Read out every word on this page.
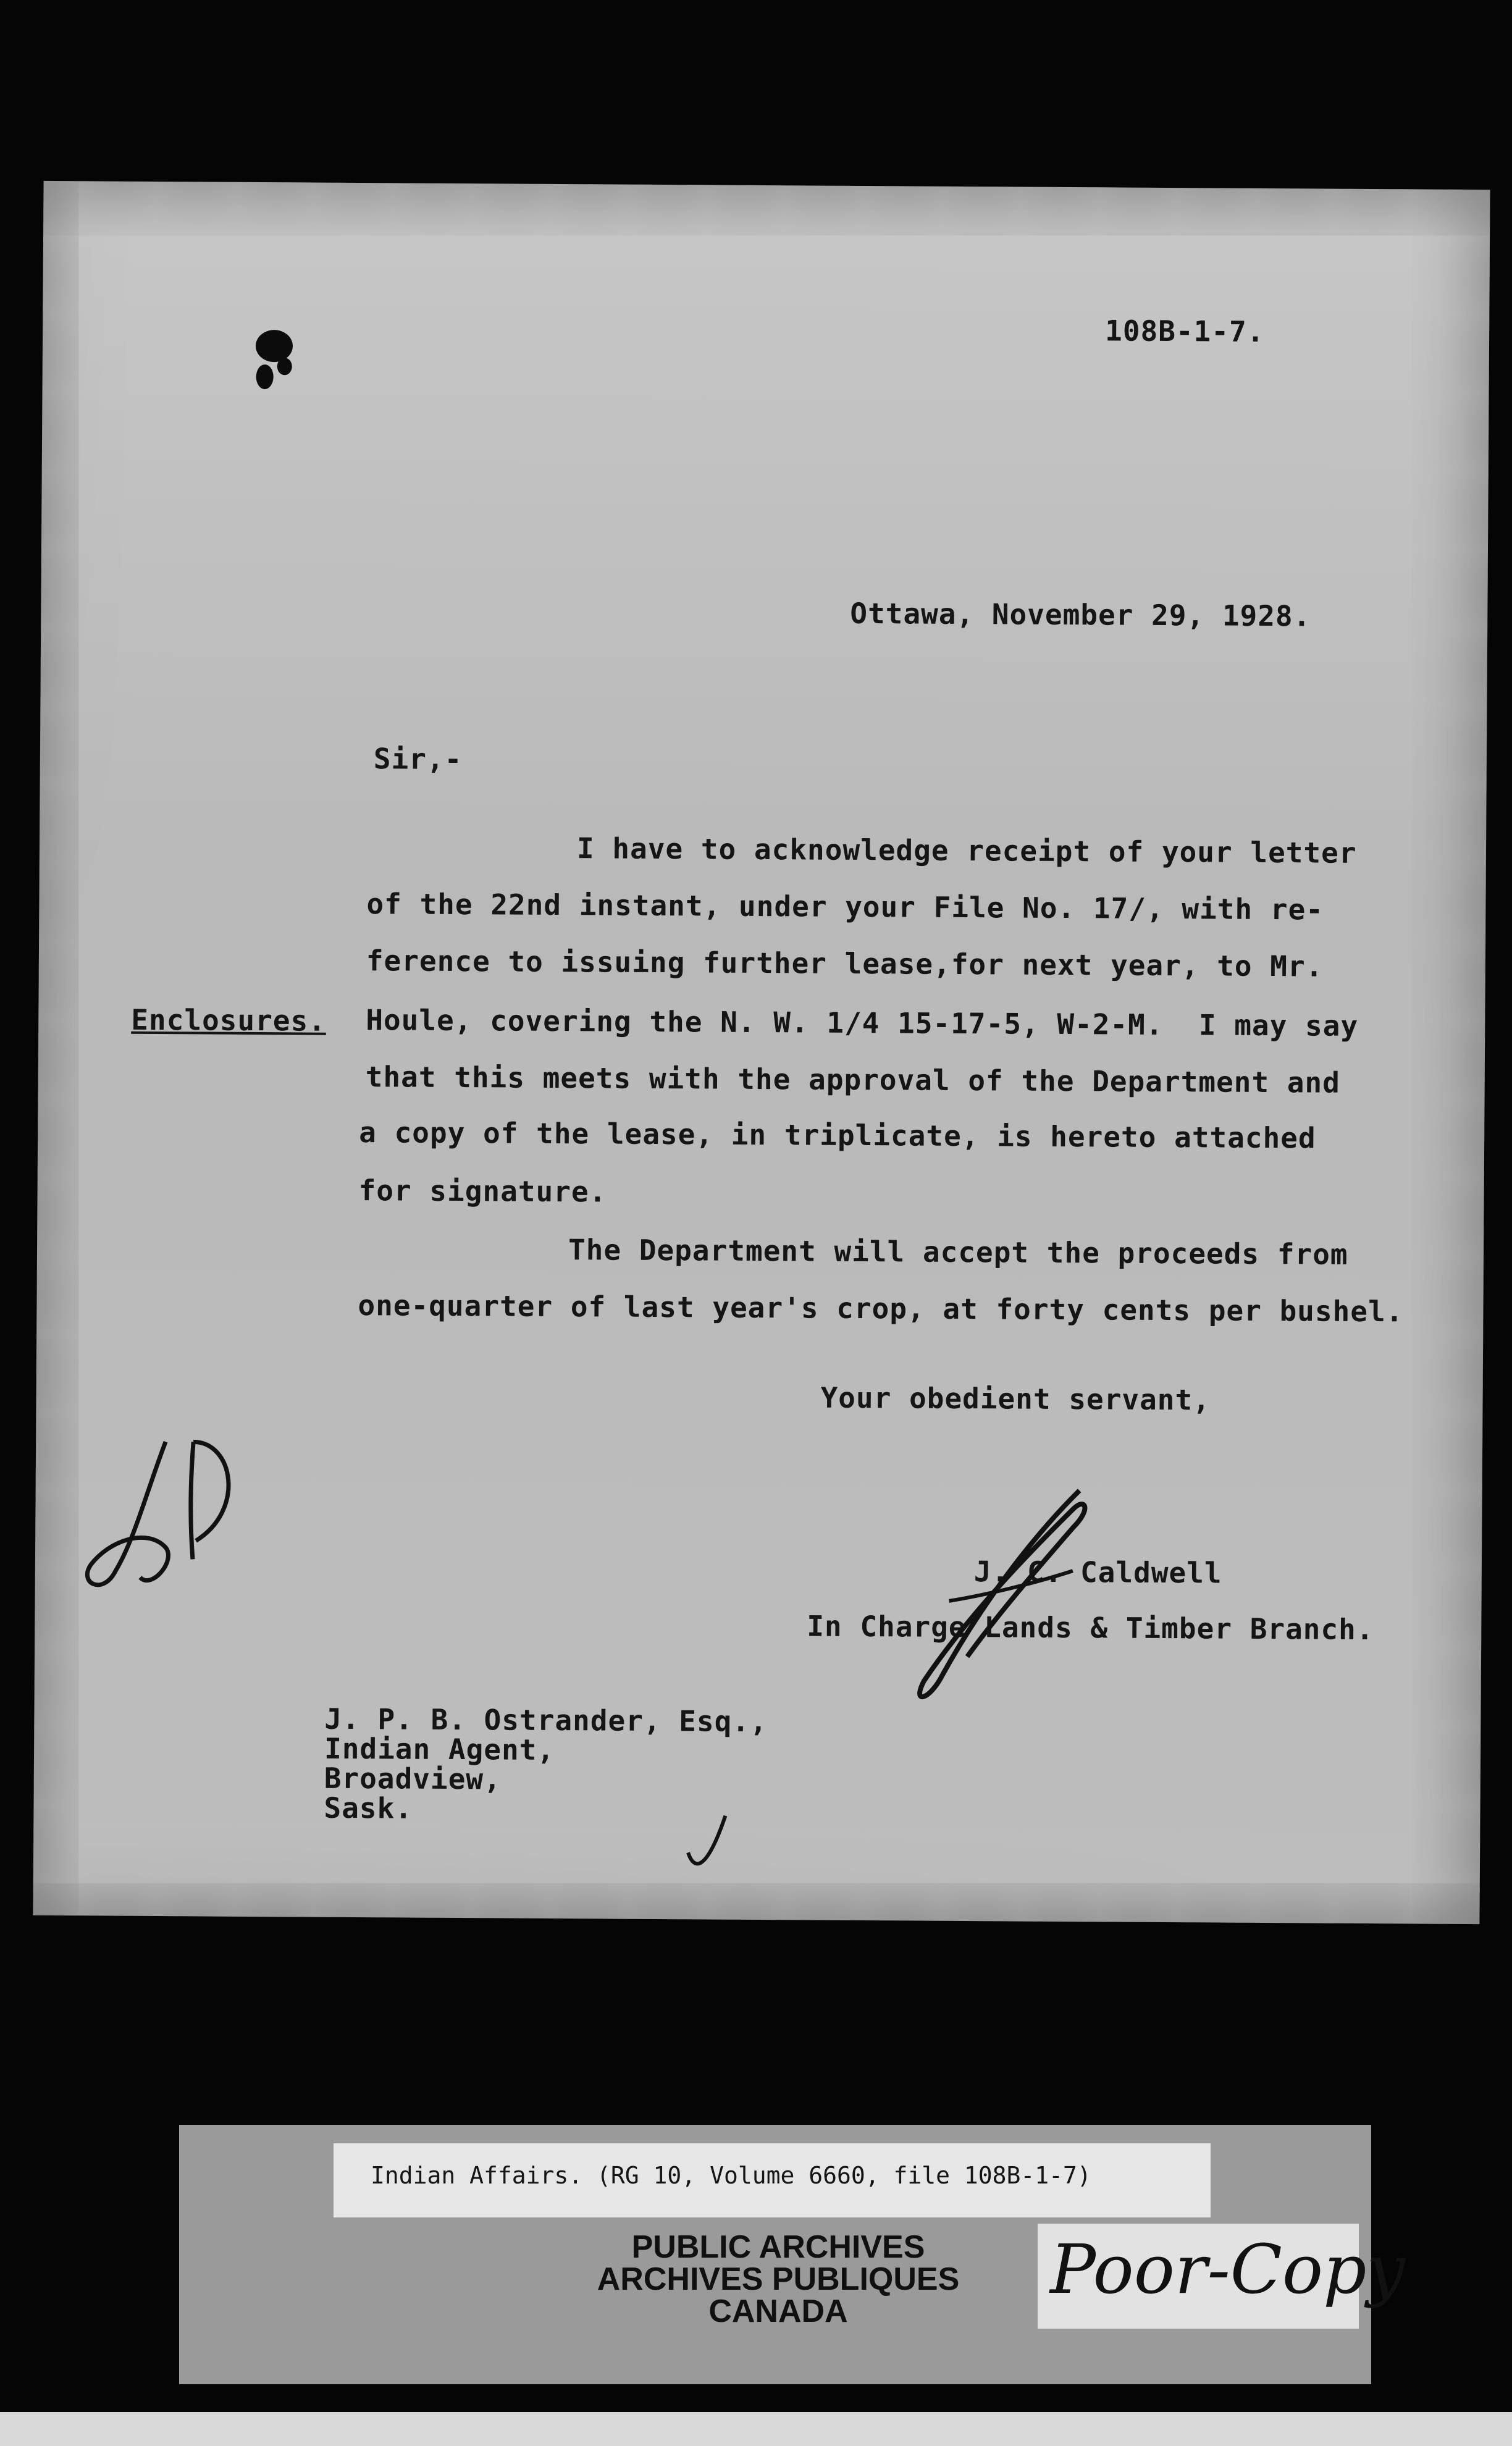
108B-1-7.
Ottawa, November 29, 1928.
Sir,-
Enclosures.
I have to acknowledge receipt of your letter
of the 22nd instant, under your File No. 17/, with re-
ference to issuing further lease,for next year, to Mr.
Houle, covering the N. W. 1/4 15-17-5, W-2-M.  I may say
that this meets with the approval of the Department and
a copy of the lease, in triplicate, is hereto attached
for signature.
The Department will accept the proceeds from
one-quarter of last year's crop, at forty cents per bushel.
Your obedient servant,
J. C. Caldwell
In Charge Lands & Timber Branch.
J. P. B. Ostrander, Esq.,
Indian Agent,
Broadview,
Sask.
Indian Affairs. (RG 10, Volume 6660, file 108B-1-7)
PUBLIC ARCHIVES
ARCHIVES PUBLIQUES
CANADA
Poor-Copy
